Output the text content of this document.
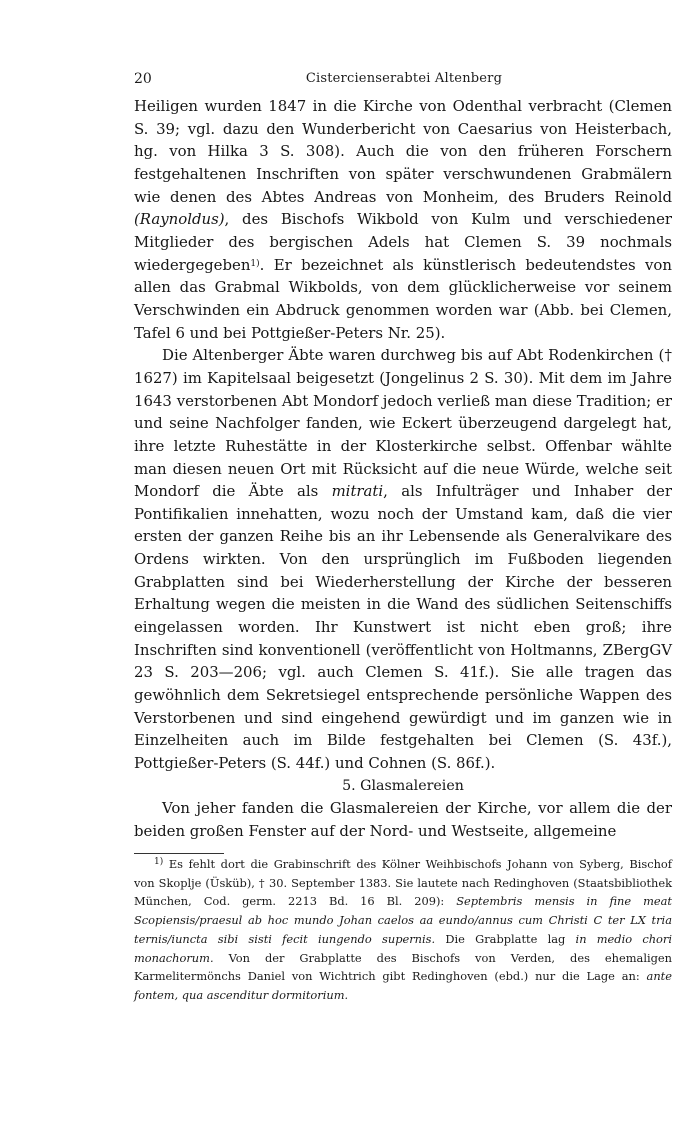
20	Cistercienserabtei Altenberg

Heiligen wurden 1847 in die Kirche von Odenthal verbracht (Clemen S. 39; vgl. dazu den Wunderbericht von Caesarius von Heisterbach, hg. von Hilka 3 S. 308). Auch die von den früheren Forschern festgehaltenen Inschriften von später verschwundenen Grabmälern wie denen des Abtes Andreas von Monheim, des Bruders Reinold (Raynoldus), des Bischofs Wikbold von Kulm und verschiedener Mitglieder des bergischen Adels hat Clemen S. 39 nochmals wiedergegeben$^{1)}$. Er bezeichnet als künstlerisch bedeutendstes von allen das Grabmal Wikbolds, von dem glücklicherweise vor seinem Verschwinden ein Abdruck genommen worden war (Abb. bei Clemen, Tafel 6 und bei Pottgießer-Peters Nr. 25).

Die Altenberger Äbte waren durchweg bis auf Abt Rodenkirchen († 1627) im Kapitelsaal beigesetzt (Jongelinus 2 S. 30). Mit dem im Jahre 1643 verstorbenen Abt Mondorf jedoch verließ man diese Tradition; er und seine Nachfolger fanden, wie Eckert überzeugend dargelegt hat, ihre letzte Ruhestätte in der Klosterkirche selbst. Offenbar wählte man diesen neuen Ort mit Rücksicht auf die neue Würde, welche seit Mondorf die Äbte als mitrati, als Infulträger und Inhaber der Pontifikalien innehatten, wozu noch der Umstand kam, daß die vier ersten der ganzen Reihe bis an ihr Lebensende als Generalvikare des Ordens wirkten. Von den ursprünglich im Fußboden liegenden Grabplatten sind bei Wiederherstellung der Kirche der besseren Erhaltung wegen die meisten in die Wand des südlichen Seitenschiffs eingelassen worden. Ihr Kunstwert ist nicht eben groß; ihre Inschriften sind konventionell (veröffentlicht von Holtmanns, ZBergGV 23 S. 203—206; vgl. auch Clemen S. 41f.). Sie alle tragen das gewöhnlich dem Sekretsiegel entsprechende persönliche Wappen des Verstorbenen und sind eingehend gewürdigt und im ganzen wie in Einzelheiten auch im Bilde festgehalten bei Clemen (S. 43f.), Pottgießer-Peters (S. 44f.) und Cohnen (S. 86f.).

5. Glasmalereien

Von jeher fanden die Glasmalereien der Kirche, vor allem die der beiden großen Fenster auf der Nord- und Westseite, allgemeine

$^{1)}$ Es fehlt dort die Grabinschrift des Kölner Weihbischofs Johann von Syberg, Bischof von Skoplje (Üsküb), † 30. September 1383. Sie lautete nach Redinghoven (Staatsbibliothek München, Cod. germ. 2213 Bd. 16 Bl. 209): Septembris mensis in fine meat Scopiensis/praesul ab hoc mundo Johan caelos aa eundo/annus cum Christi C ter LX tria ternis/iuncta sibi sisti fecit iungendo supernis. Die Grabplatte lag in medio chori monachorum. Von der Grabplatte des Bischofs von Verden, des ehemaligen Karmelitermönchs Daniel von Wichtrich gibt Redinghoven (ebd.) nur die Lage an: ante fontem, qua ascenditur dormitorium.
